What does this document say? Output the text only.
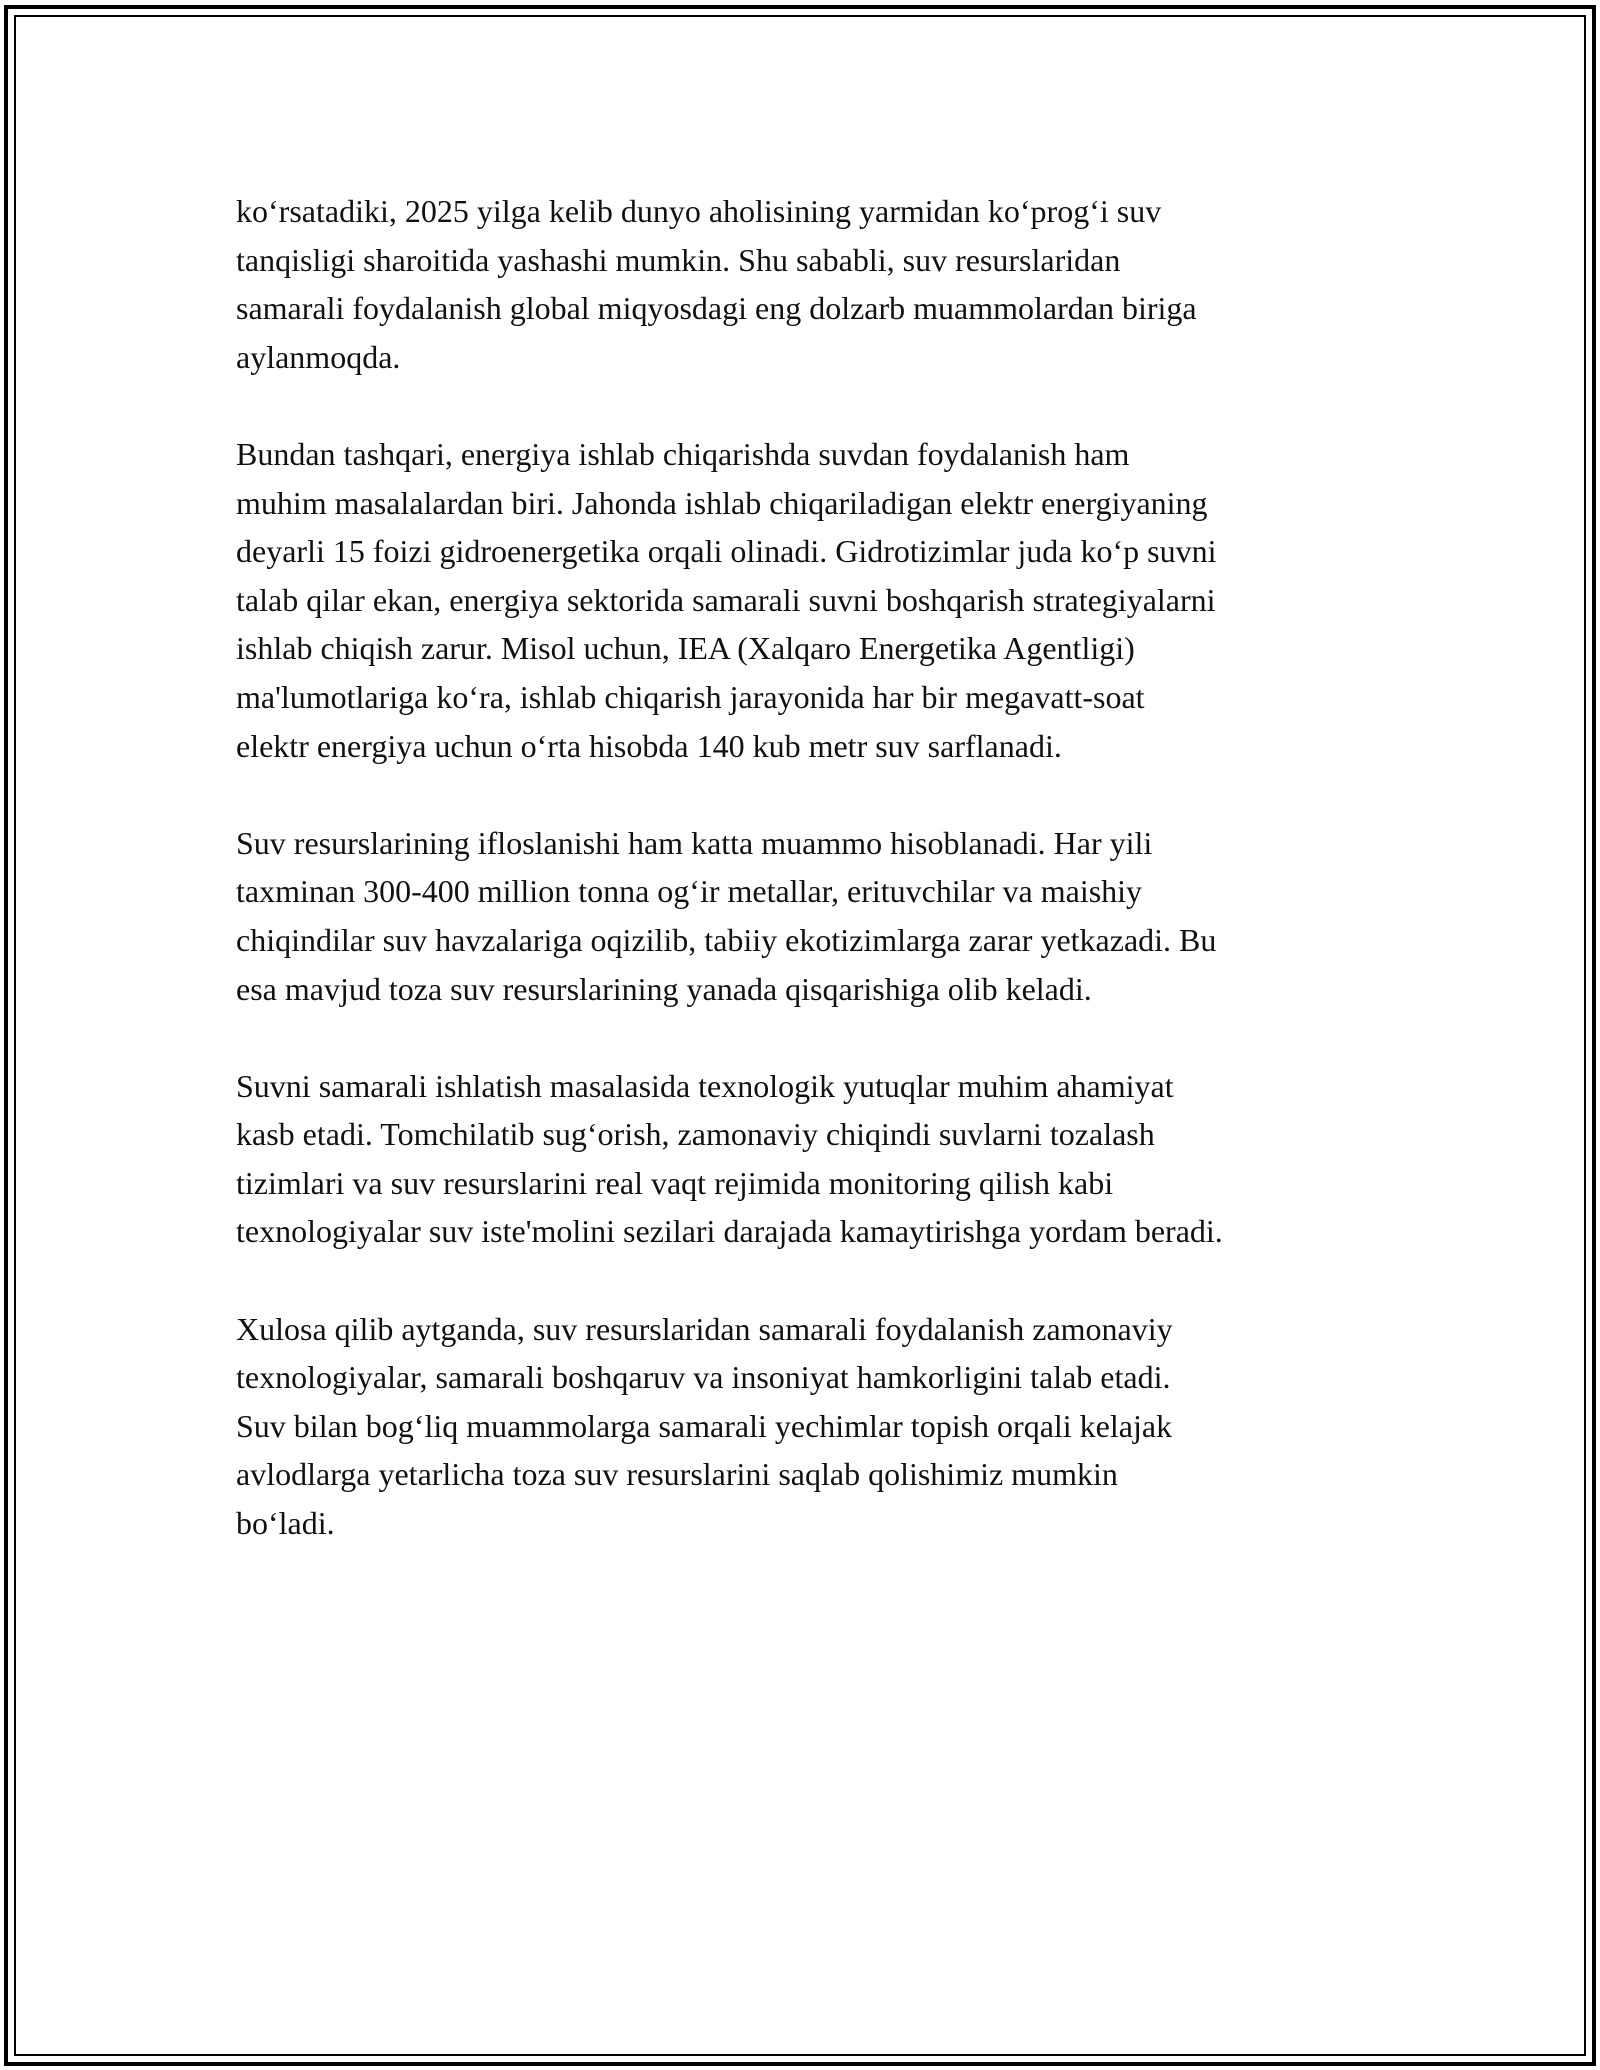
ko‘rsatadiki, 2025 yilga kelib dunyo aholisining yarmidan ko‘prog‘i suv
tanqisligi sharoitida yashashi mumkin. Shu sababli, suv resurslaridan
samarali foydalanish global miqyosdagi eng dolzarb muammolardan biriga
aylanmoqda.

Bundan tashqari, energiya ishlab chiqarishda suvdan foydalanish ham
muhim masalalardan biri. Jahonda ishlab chiqariladigan elektr energiyaning
deyarli 15 foizi gidroenergetika orqali olinadi. Gidrotizimlar juda ko‘p suvni
talab qilar ekan, energiya sektorida samarali suvni boshqarish strategiyalarni
ishlab chiqish zarur. Misol uchun, IEA (Xalqaro Energetika Agentligi)
ma'lumotlariga ko‘ra, ishlab chiqarish jarayonida har bir megavatt-soat
elektr energiya uchun o‘rta hisobda 140 kub metr suv sarflanadi.

Suv resurslarining ifloslanishi ham katta muammo hisoblanadi. Har yili
taxminan 300-400 million tonna og‘ir metallar, erituvchilar va maishiy
chiqindilar suv havzalariga oqizilib, tabiiy ekotizimlarga zarar yetkazadi. Bu
esa mavjud toza suv resurslarining yanada qisqarishiga olib keladi.

Suvni samarali ishlatish masalasida texnologik yutuqlar muhim ahamiyat
kasb etadi. Tomchilatib sug‘orish, zamonaviy chiqindi suvlarni tozalash
tizimlari va suv resurslarini real vaqt rejimida monitoring qilish kabi
texnologiyalar suv iste'molini sezilari darajada kamaytirishga yordam beradi.

Xulosa qilib aytganda, suv resurslaridan samarali foydalanish zamonaviy
texnologiyalar, samarali boshqaruv va insoniyat hamkorligini talab etadi.
Suv bilan bog‘liq muammolarga samarali yechimlar topish orqali kelajak
avlodlarga yetarlicha toza suv resurslarini saqlab qolishimiz mumkin
bo‘ladi.
